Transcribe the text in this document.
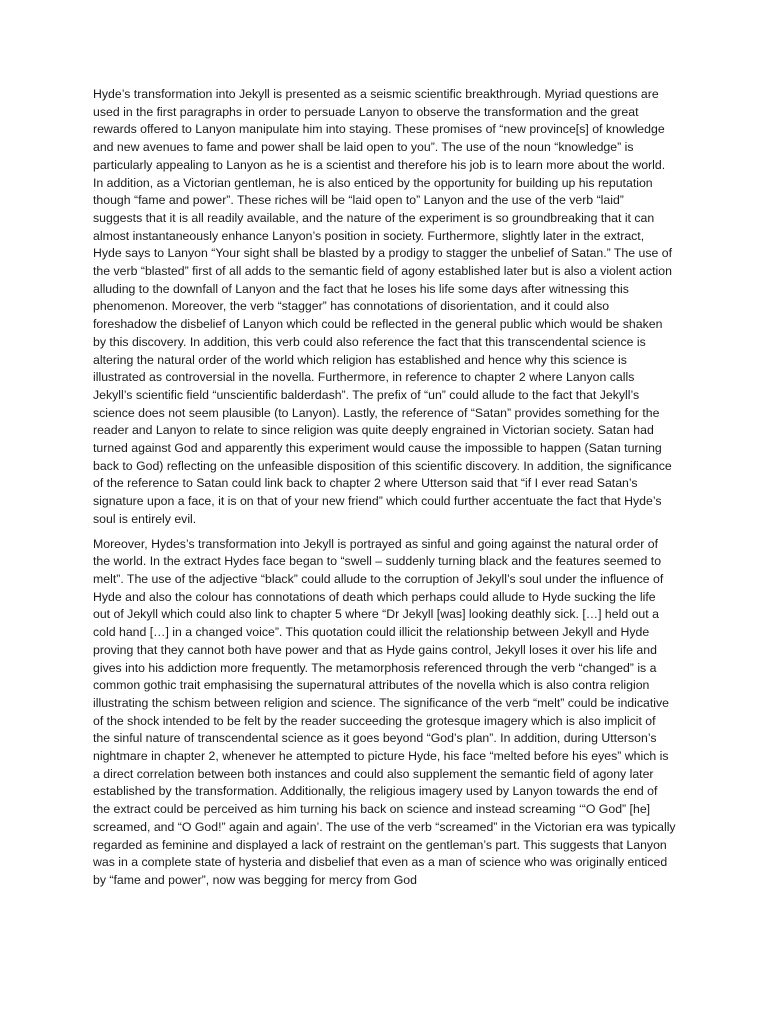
Hyde’s transformation into Jekyll is presented as a seismic scientific breakthrough. Myriad questions are used in the first paragraphs in order to persuade Lanyon to observe the transformation and the great rewards offered to Lanyon manipulate him into staying. These promises of “new province[s] of knowledge and new avenues to fame and power shall be laid open to you”. The use of the noun “knowledge” is particularly appealing to Lanyon as he is a scientist and therefore his job is to learn more about the world. In addition, as a Victorian gentleman, he is also enticed by the opportunity for building up his reputation though “fame and power”. These riches will be “laid open to” Lanyon and the use of the verb “laid” suggests that it is all readily available, and the nature of the experiment is so groundbreaking that it can almost instantaneously enhance Lanyon’s position in society. Furthermore, slightly later in the extract, Hyde says to Lanyon “Your sight shall be blasted by a prodigy to stagger the unbelief of Satan.” The use of the verb “blasted” first of all adds to the semantic field of agony established later but is also a violent action alluding to the downfall of Lanyon and the fact that he loses his life some days after witnessing this phenomenon. Moreover, the verb “stagger” has connotations of disorientation, and it could also foreshadow the disbelief of Lanyon which could be reflected in the general public which would be shaken by this discovery. In addition, this verb could also reference the fact that this transcendental science is altering the natural order of the world which religion has established and hence why this science is illustrated as controversial in the novella. Furthermore, in reference to chapter 2 where Lanyon calls Jekyll’s scientific field “unscientific balderdash”. The prefix of “un” could allude to the fact that Jekyll’s science does not seem plausible (to Lanyon). Lastly, the reference of “Satan” provides something for the reader and Lanyon to relate to since religion was quite deeply engrained in Victorian society. Satan had turned against God and apparently this experiment would cause the impossible to happen (Satan turning back to God) reflecting on the unfeasible disposition of this scientific discovery. In addition, the significance of the reference to Satan could link back to chapter 2 where Utterson said that “if I ever read Satan’s signature upon a face, it is on that of your new friend” which could further accentuate the fact that Hyde’s soul is entirely evil.

Moreover, Hydes’s transformation into Jekyll is portrayed as sinful and going against the natural order of the world. In the extract Hydes face began to “swell – suddenly turning black and the features seemed to melt”. The use of the adjective “black” could allude to the corruption of Jekyll’s soul under the influence of Hyde and also the colour has connotations of death which perhaps could allude to Hyde sucking the life out of Jekyll which could also link to chapter 5 where “Dr Jekyll [was] looking deathly sick. […] held out a cold hand […] in a changed voice”. This quotation could illicit the relationship between Jekyll and Hyde proving that they cannot both have power and that as Hyde gains control, Jekyll loses it over his life and gives into his addiction more frequently. The metamorphosis referenced through the verb “changed” is a common gothic trait emphasising the supernatural attributes of the novella which is also contra religion illustrating the schism between religion and science. The significance of the verb “melt” could be indicative of the shock intended to be felt by the reader succeeding the grotesque imagery which is also implicit of the sinful nature of transcendental science as it goes beyond “God’s plan”. In addition, during Utterson’s nightmare in chapter 2, whenever he attempted to picture Hyde, his face “melted before his eyes” which is a direct correlation between both instances and could also supplement the semantic field of agony later established by the transformation. Additionally, the religious imagery used by Lanyon towards the end of the extract could be perceived as him turning his back on science and instead screaming ‘“O God” [he] screamed, and “O God!” again and again’. The use of the verb “screamed” in the Victorian era was typically regarded as feminine and displayed a lack of restraint on the gentleman’s part. This suggests that Lanyon was in a complete state of hysteria and disbelief that even as a man of science who was originally enticed by “fame and power”, now was begging for mercy from God
